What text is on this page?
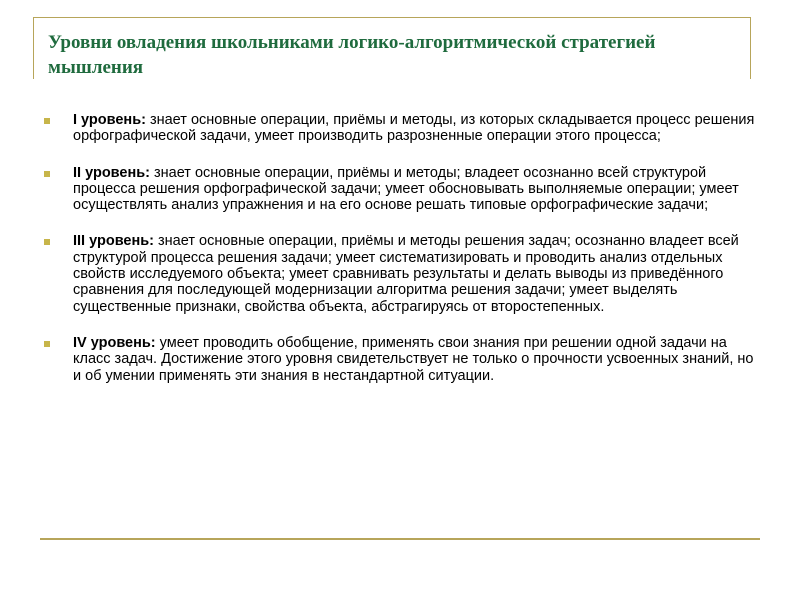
Уровни овладения школьниками логико-алгоритмической стратегией мышления
I уровень: знает основные операции, приёмы и методы, из которых складывается процесс решения орфографической задачи, умеет производить разрозненные операции этого процесса;
II уровень: знает основные операции, приёмы и методы; владеет осознанно всей структурой процесса решения орфографической задачи; умеет обосновывать выполняемые операции; умеет осуществлять анализ упражнения и на его основе решать типовые орфографические задачи;
III уровень: знает основные операции, приёмы и методы решения задач; осознанно владеет всей структурой процесса решения задачи; умеет систематизировать и проводить анализ отдельных свойств исследуемого объекта; умеет сравнивать результаты и делать выводы из приведённого сравнения для последующей модернизации алгоритма решения задачи; умеет выделять существенные признаки, свойства объекта, абстрагируясь от второстепенных.
IV уровень: умеет проводить обобщение, применять свои знания при решении одной задачи на класс задач. Достижение этого уровня свидетельствует не только о прочности усвоенных знаний, но и об умении применять эти знания в нестандартной ситуации.
